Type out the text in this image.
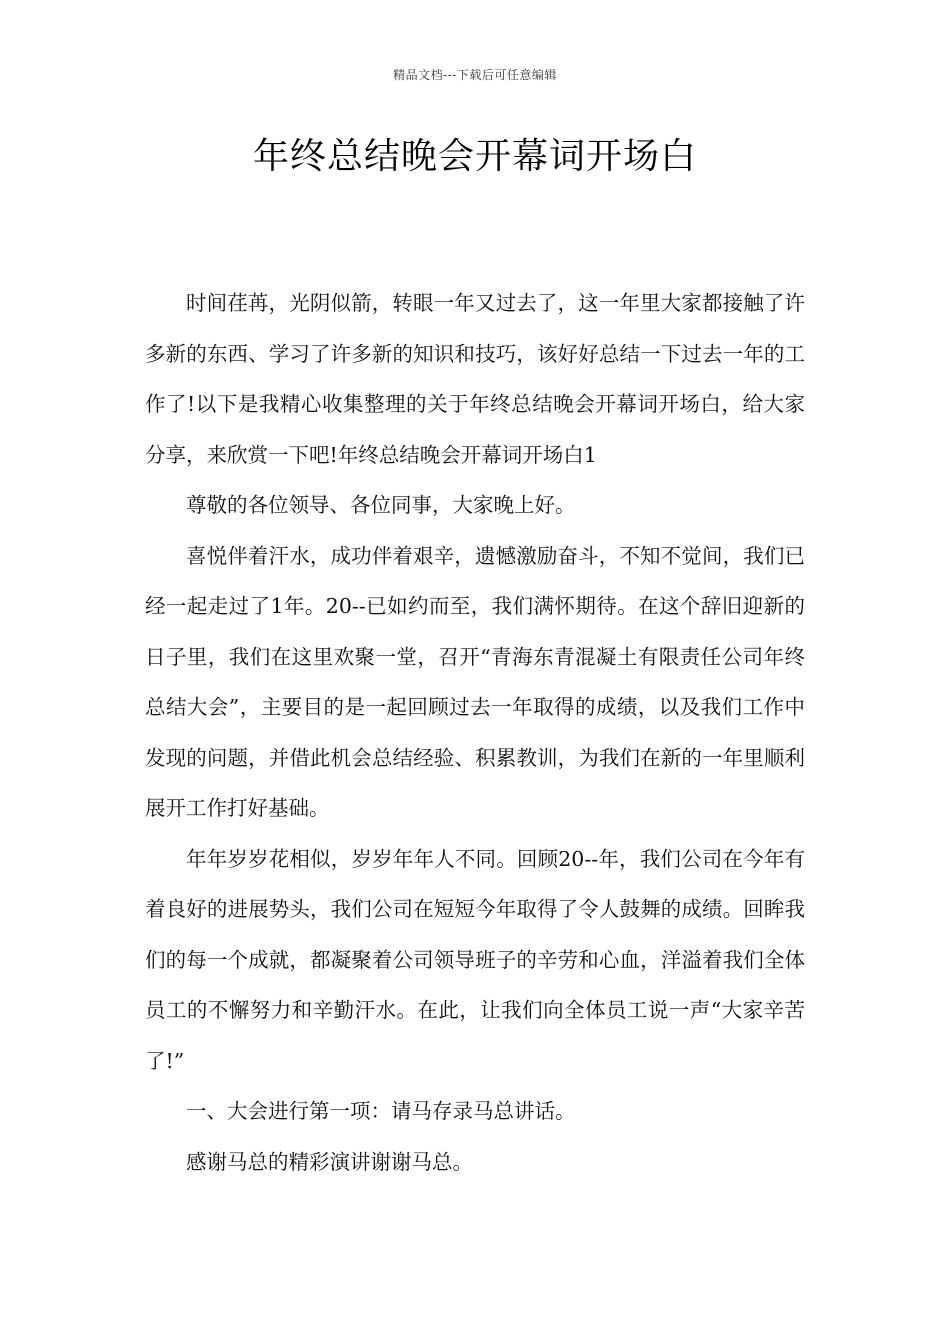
精品文档---下载后可任意编辑
年终总结晚会开幕词开场白

时间荏苒，光阴似箭，转眼一年又过去了，这一年里大家都接触了许多新的东西、学习了许多新的知识和技巧，该好好总结一下过去一年的工作了!以下是我精心收集整理的关于年终总结晚会开幕词开场白，给大家分享，来欣赏一下吧!年终总结晚会开幕词开场白1

尊敬的各位领导、各位同事，大家晚上好。

喜悦伴着汗水，成功伴着艰辛，遗憾激励奋斗，不知不觉间，我们已经一起走过了1年。20--已如约而至，我们满怀期待。在这个辞旧迎新的日子里，我们在这里欢聚一堂，召开“青海东青混凝土有限责任公司年终总结大会”，主要目的是一起回顾过去一年取得的成绩，以及我们工作中发现的问题，并借此机会总结经验、积累教训，为我们在新的一年里顺利展开工作打好基础。

年年岁岁花相似，岁岁年年人不同。回顾20--年，我们公司在今年有着良好的进展势头，我们公司在短短今年取得了令人鼓舞的成绩。回眸我们的每一个成就，都凝聚着公司领导班子的辛劳和心血，洋溢着我们全体员工的不懈努力和辛勤汗水。在此，让我们向全体员工说一声“大家辛苦了!”

一、大会进行第一项：请马存录马总讲话。

感谢马总的精彩演讲谢谢马总。
